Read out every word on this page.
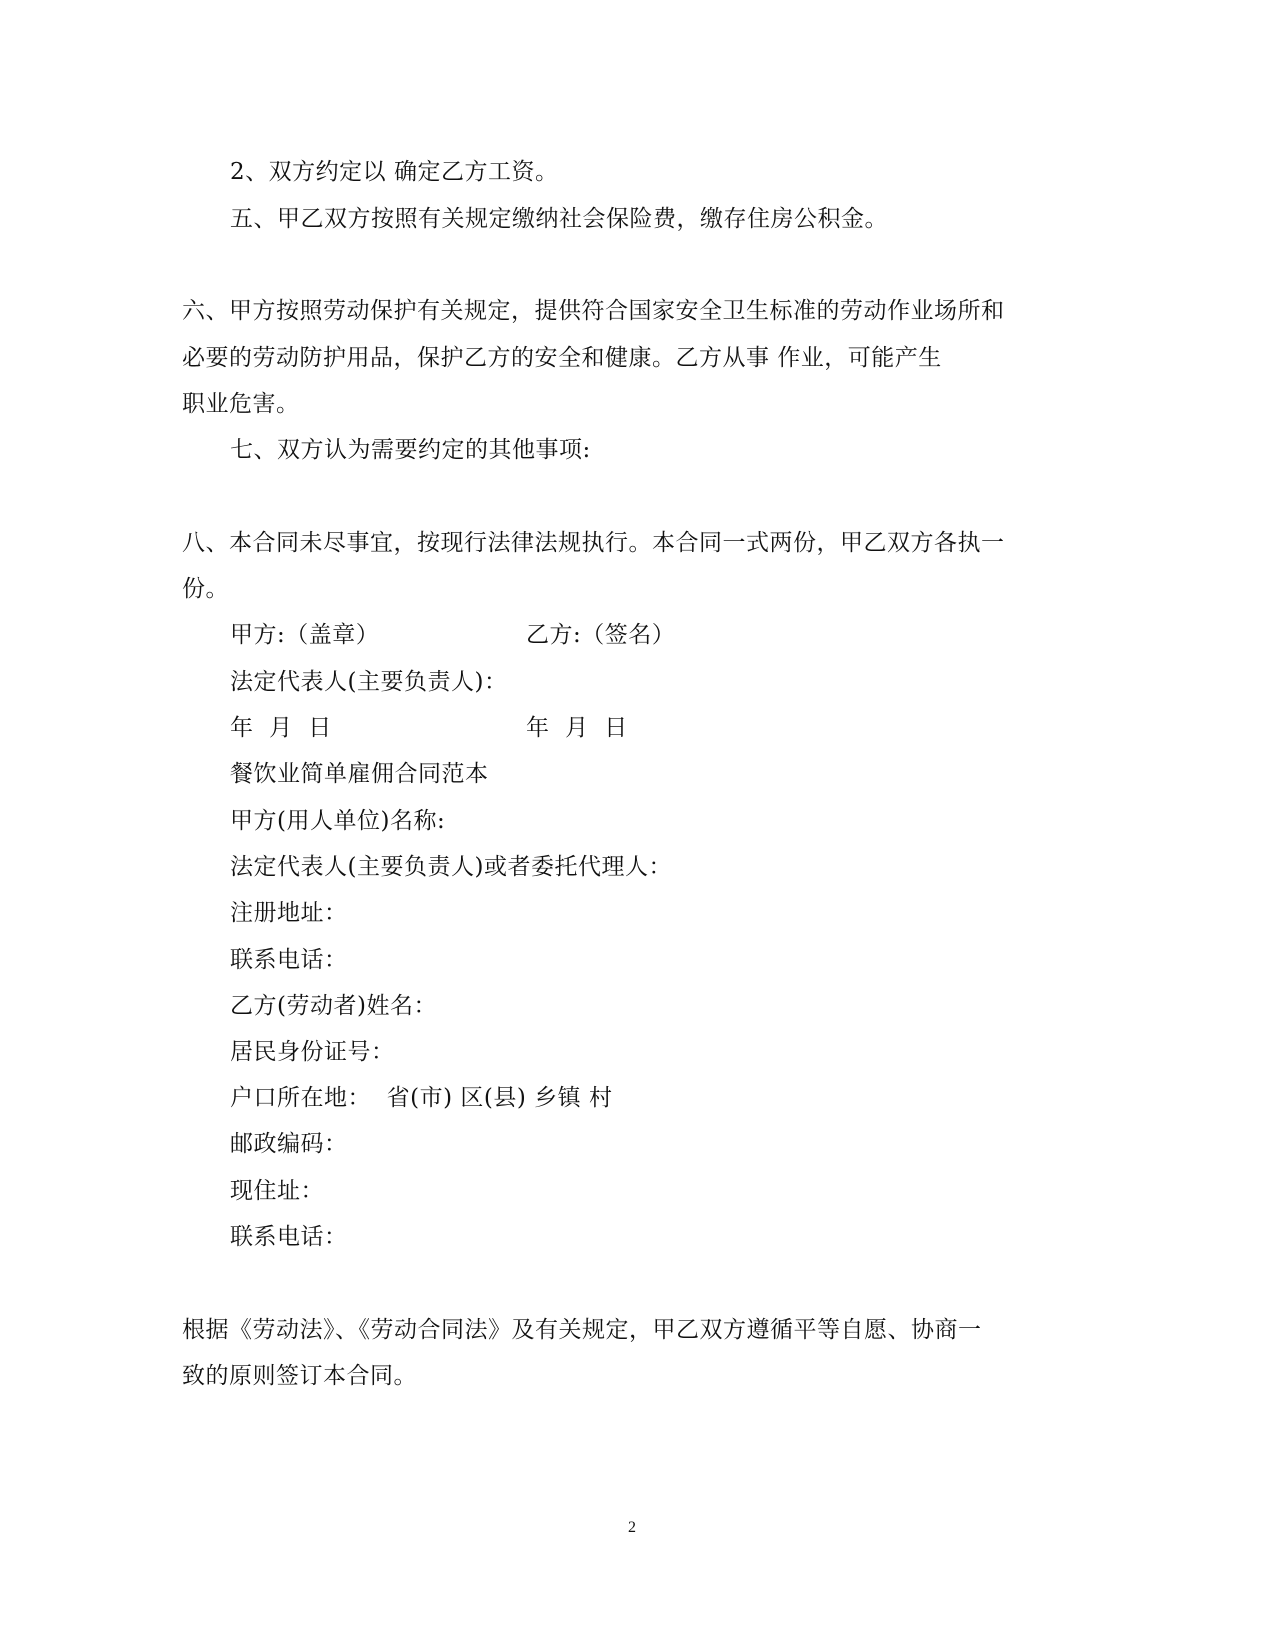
2、双方约定以 确定乙方工资。
五、甲乙双方按照有关规定缴纳社会保险费，缴存住房公积金。
六、甲方按照劳动保护有关规定，提供符合国家安全卫生标准的劳动作业场所和
必要的劳动防护用品，保护乙方的安全和健康。乙方从事 作业，可能产生
职业危害。
七、双方认为需要约定的其他事项:
八、本合同未尽事宜，按现行法律法规执行。本合同一式两份，甲乙双方各执一
份。
甲方:（盖章）	乙方:（签名）
法定代表人(主要负责人)：
年  月  日	年  月  日
餐饮业简单雇佣合同范本
甲方(用人单位)名称:
法定代表人(主要负责人)或者委托代理人：
注册地址：
联系电话：
乙方(劳动者)姓名：
居民身份证号：
户口所在地：  省(市) 区(县) 乡镇 村
邮政编码：
现住址：
联系电话：
根据《劳动法》、《劳动合同法》及有关规定，甲乙双方遵循平等自愿、协商一
致的原则签订本合同。
2
